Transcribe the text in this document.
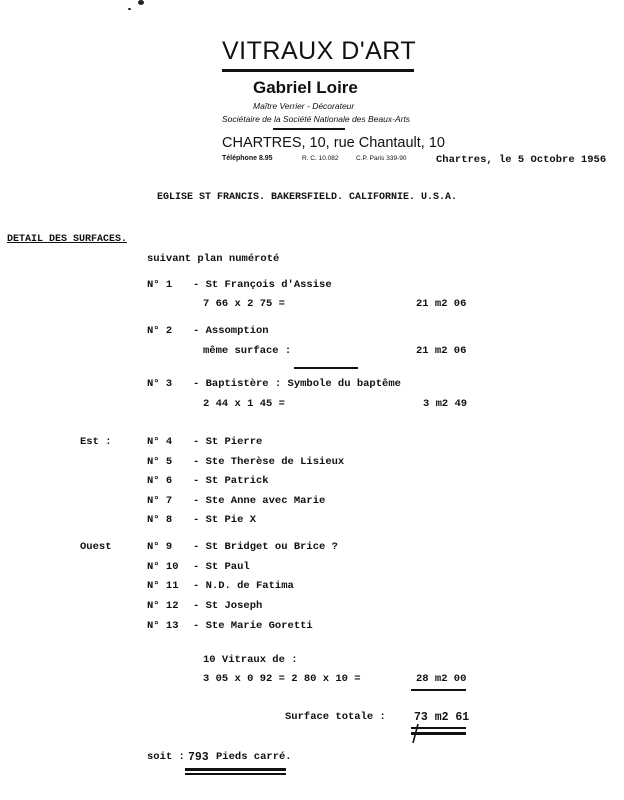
VITRAUX D'ART
Gabriel Loire
Maître Verrier - Décorateur
Sociétaire de la Société Nationale des Beaux-Arts
CHARTRES, 10, rue Chantault, 10
Téléphone 8.95	R. C. 10.082	C.P. Paris 339-90	Chartres, le 5 Octobre 1956
EGLISE ST FRANCIS. BAKERSFIELD. CALIFORNIE. U.S.A.
DETAIL DES SURFACES.
suivant plan numéroté
N° 1 - St François d'Assise
7 66 x 2 75 =	21 m2 06
N° 2 - Assomption
même surface :	21 m2 06
N° 3 - Baptistère : Symbole du baptême
2 44 x 1 45 =	3 m2 49
Est :	N° 4 - St Pierre
N° 5 - Ste Therèse de Lisieux
N° 6 - St Patrick
N° 7 - Ste Anne avec Marie
N° 8 - St Pie X
Ouest	N° 9 - St Bridget ou Brice ?
N° 10 - St Paul
N° 11 - N.D. de Fatima
N° 12 - St Joseph
N° 13 - Ste Marie Goretti
10 Vitraux de :
3 05 x 0 92 = 2 80 x 10 =	28 m2 00
Surface totale : 73 m2 61
soit : 793 Pieds carré.
